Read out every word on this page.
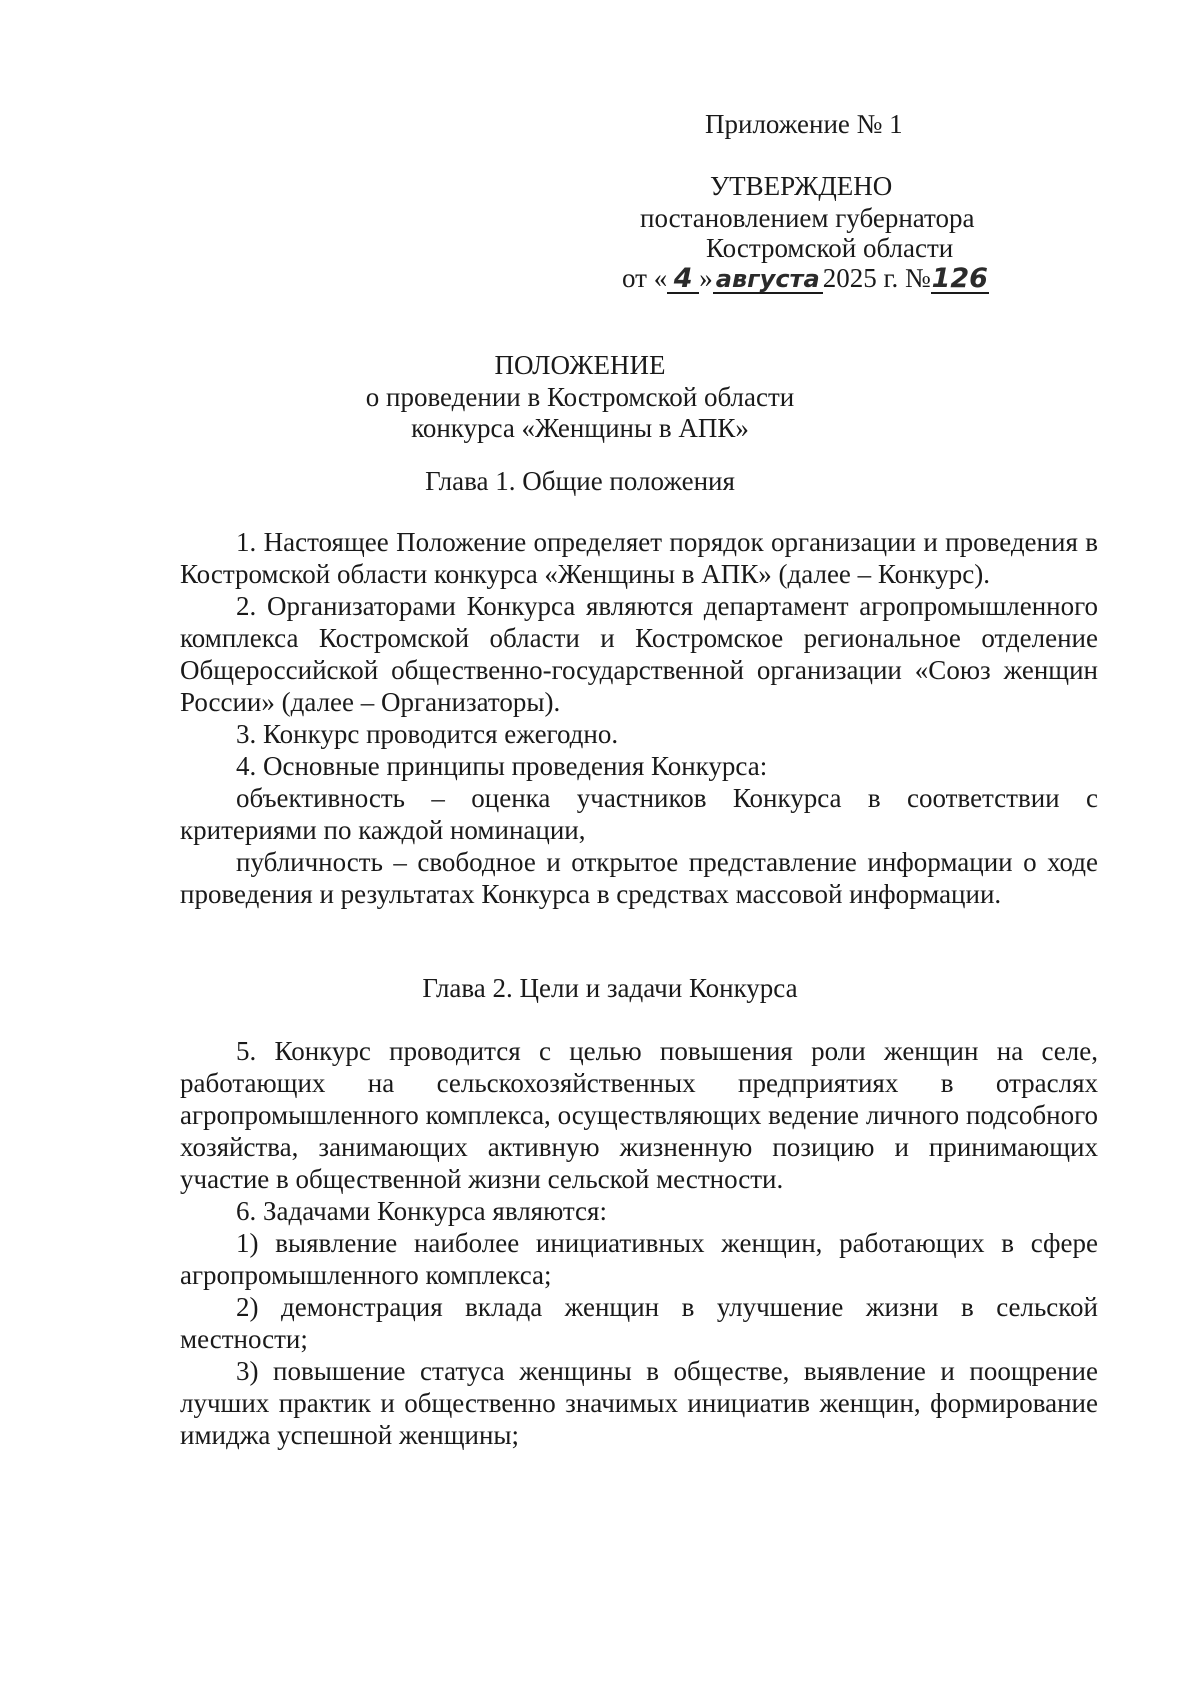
Приложение № 1
УТВЕРЖДЕНО
постановлением губернатора
Костромской области
от « 4 » августа 2025 г. №126
ПОЛОЖЕНИЕ
о проведении в Костромской области
конкурса «Женщины в АПК»
Глава 1. Общие положения

1. Настоящее Положение определяет порядок организации и проведения в Костромской области конкурса «Женщины в АПК» (далее – Конкурс).

2. Организаторами Конкурса являются департамент агропромышленного комплекса Костромской области и Костромское региональное отделение Общероссийской общественно-государственной организации «Союз женщин России» (далее – Организаторы).

3. Конкурс проводится ежегодно.

4. Основные принципы проведения Конкурса:

объективность – оценка участников Конкурса в соответствии с критериями по каждой номинации,

публичность – свободное и открытое представление информации о ходе проведения и результатах Конкурса в средствах массовой информации.

Глава 2. Цели и задачи Конкурса

5. Конкурс проводится с целью повышения роли женщин на селе, работающих на сельскохозяйственных предприятиях в отраслях агропромышленного комплекса, осуществляющих ведение личного подсобного хозяйства, занимающих активную жизненную позицию и принимающих участие в общественной жизни сельской местности.

6. Задачами Конкурса являются:

1) выявление наиболее инициативных женщин, работающих в сфере агропромышленного комплекса;

2) демонстрация вклада женщин в улучшение жизни в сельской местности;

3) повышение статуса женщины в обществе, выявление и поощрение лучших практик и общественно значимых инициатив женщин, формирование имиджа успешной женщины;
